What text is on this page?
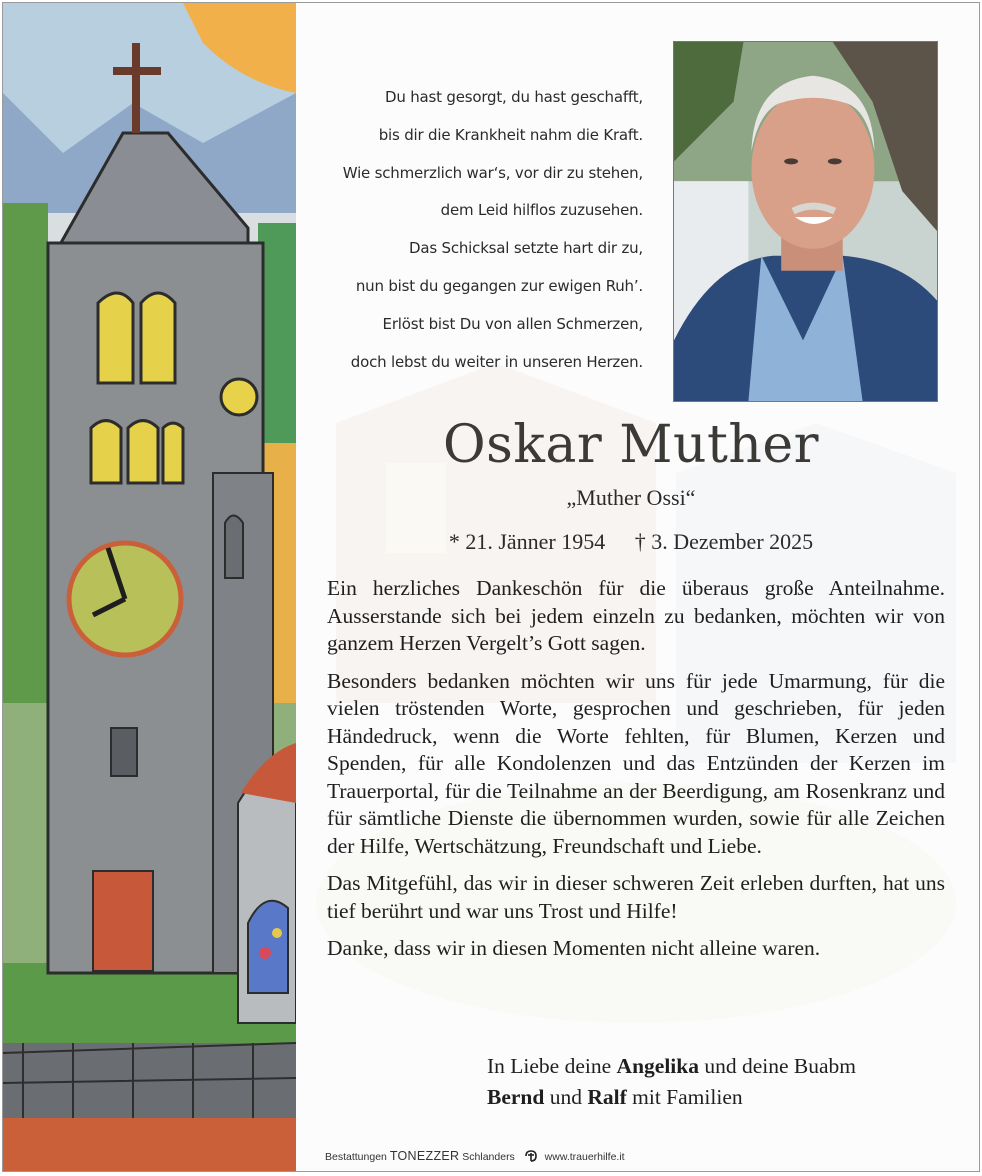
Du hast gesorgt, du hast geschafft,
bis dir die Krankheit nahm die Kraft.
Wie schmerzlich war‘s, vor dir zu stehen,
dem Leid hilflos zuzusehen.
Das Schicksal setzte hart dir zu,
nun bist du gegangen zur ewigen Ruh’.
Erlöst bist Du von allen Schmerzen,
doch lebst du weiter in unseren Herzen.
Oskar Muther
„Muther Ossi“
* 21. Jänner 1954 † 3. Dezember 2025

Ein herzliches Dankeschön für die überaus große Anteilnahme. Ausserstande sich bei jedem einzeln zu bedanken, möchten wir von ganzem Herzen Vergelt’s Gott sagen.

Besonders bedanken möchten wir uns für jede Umarmung, für die vielen tröstenden Worte, gesprochen und geschrieben, für jeden Händedruck, wenn die Worte fehlten, für Blumen, Kerzen und Spenden, für alle Kondolenzen und das Entzünden der Kerzen im Trauerportal, für die Teilnahme an der Beerdigung, am Rosenkranz und für sämtliche Dienste die übernommen wurden, sowie für alle Zeichen der Hilfe, Wertschätzung, Freundschaft und Liebe.

Das Mitgefühl, das wir in dieser schweren Zeit erleben durften, hat uns tief berührt und war uns Trost und Hilfe!

Danke, dass wir in diesen Momenten nicht alleine waren.

In Liebe deine Angelika und deine Buabm
Bernd und Ralf mit Familien
Bestattungen TONEZZER Schlanders	www.trauerhilfe.it
